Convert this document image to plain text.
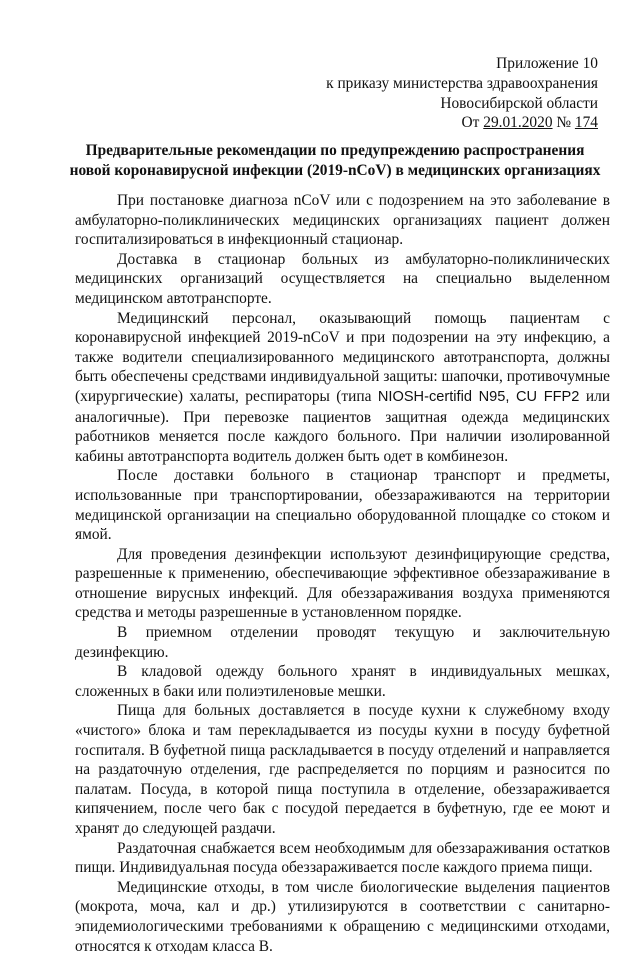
Приложение 10
к приказу министерства здравоохранения
Новосибирской области
От 29.01.2020 № 174
Предварительные рекомендации по предупреждению распространения
новой коронавирусной инфекции (2019-nCoV) в медицинских организациях

При постановке диагноза nCoV или с подозрением на это заболевание в амбулаторно-поликлинических медицинских организациях пациент должен госпитализироваться в инфекционный стационар.

Доставка в стационар больных из амбулаторно-поликлинических медицинских организаций осуществляется на специально выделенном медицинском автотранспорте.

Медицинский персонал, оказывающий помощь пациентам с коронавирусной инфекцией 2019-nCoV и при подозрении на эту инфекцию, а также водители специализированного медицинского автотранспорта, должны быть обеспечены средствами индивидуальной защиты: шапочки, противочумные (хирургические) халаты, респираторы (типа NIOSH-certifid N95, CU FFP2 или аналогичные). При перевозке пациентов защитная одежда медицинских работников меняется после каждого больного. При наличии изолированной кабины автотранспорта водитель должен быть одет в комбинезон.

После доставки больного в стационар транспорт и предметы, использованные при транспортировании, обеззараживаются на территории медицинской организации на специально оборудованной площадке со стоком и ямой.

Для проведения дезинфекции используют дезинфицирующие средства, разрешенные к применению, обеспечивающие эффективное обеззараживание в отношение вирусных инфекций. Для обеззараживания воздуха применяются средства и методы разрешенные в установленном порядке.

В приемном отделении проводят текущую и заключительную дезинфекцию.

В кладовой одежду больного хранят в индивидуальных мешках, сложенных в баки или полиэтиленовые мешки.

Пища для больных доставляется в посуде кухни к служебному входу «чистого» блока и там перекладывается из посуды кухни в посуду буфетной госпиталя. В буфетной пища раскладывается в посуду отделений и направляется на раздаточную отделения, где распределяется по порциям и разносится по палатам. Посуда, в которой пища поступила в отделение, обеззараживается кипячением, после чего бак с посудой передается в буфетную, где ее моют и хранят до следующей раздачи.

Раздаточная снабжается всем необходимым для обеззараживания остатков пищи. Индивидуальная посуда обеззараживается после каждого приема пищи.

Медицинские отходы, в том числе биологические выделения пациентов (мокрота, моча, кал и др.) утилизируются в соответствии с санитарно-эпидемиологическими требованиями к обращению с медицинскими отходами, относятся к отходам класса В.
